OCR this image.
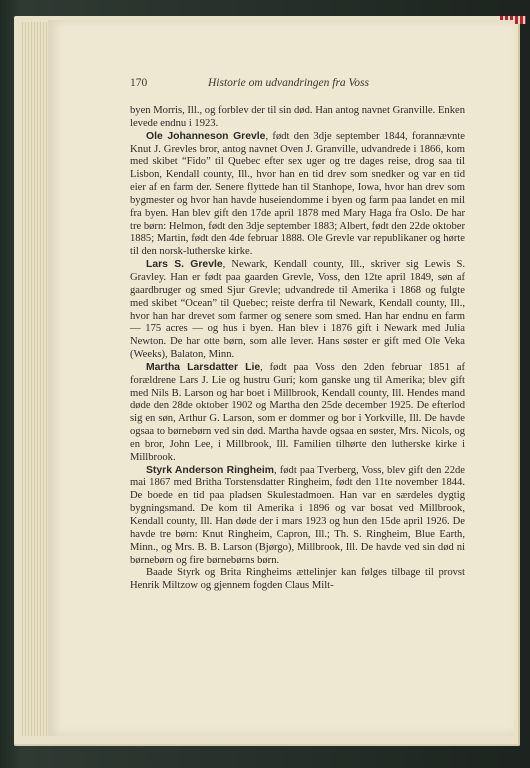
170	Historie om udvandringen fra Voss

byen Morris, Ill., og forblev der til sin død. Han antog navnet Granville. Enken levede endnu i 1923.

Ole Johanneson Grevle, født den 3dje september 1844, forannævnte Knut J. Grevles bror, antog navnet Oven J. Granville, udvandrede i 1866, kom med skibet “Fido” til Quebec efter sex uger og tre dages reise, drog saa til Lisbon, Kendall county, Ill., hvor han en tid drev som snedker og var en tid eier af en farm der. Senere flyttede han til Stanhope, Iowa, hvor han drev som bygmester og hvor han havde huseiendomme i byen og farm paa landet en mil fra byen. Han blev gift den 17de april 1878 med Mary Haga fra Oslo. De har tre børn: Helmon, født den 3dje september 1883; Albert, født den 22de oktober 1885; Martin, født den 4de februar 1888. Ole Grevle var republikaner og hørte til den norsk-lutherske kirke.

Lars S. Grevle, Newark, Kendall county, Ill., skriver sig Lewis S. Gravley. Han er født paa gaarden Grevle, Voss, den 12te april 1849, søn af gaardbruger og smed Sjur Grevle; udvandrede til Amerika i 1868 og fulgte med skibet “Ocean” til Quebec; reiste derfra til Newark, Kendall county, Ill., hvor han har drevet som farmer og senere som smed. Han har endnu en farm — 175 acres — og hus i byen. Han blev i 1876 gift i Newark med Julia Newton. De har otte børn, som alle lever. Hans søster er gift med Ole Veka (Weeks), Balaton, Minn.

Martha Larsdatter Lie, født paa Voss den 2den februar 1851 af forældrene Lars J. Lie og hustru Guri; kom ganske ung til Amerika; blev gift med Nils B. Larson og har boet i Millbrook, Kendall county, Ill. Hendes mand døde den 28de oktober 1902 og Martha den 25de december 1925. De efterlod sig en søn, Arthur G. Larson, som er dommer og bor i Yorkville, Ill. De havde ogsaa to børnebørn ved sin død. Martha havde ogsaa en søster, Mrs. Nicols, og en bror, John Lee, i Millbrook, Ill. Familien tilhørte den lutherske kirke i Millbrook.

Styrk Anderson Ringheim, født paa Tverberg, Voss, blev gift den 22de mai 1867 med Britha Torstensdatter Ringheim, født den 11te november 1844. De boede en tid paa pladsen Skulestadmoen. Han var en særdeles dygtig bygningsmand. De kom til Amerika i 1896 og var bosat ved Millbrook, Kendall county, Ill. Han døde der i mars 1923 og hun den 15de april 1926. De havde tre børn: Knut Ringheim, Capron, Ill.; Th. S. Ringheim, Blue Earth, Minn., og Mrs. B. B. Larson (Bjørgo), Millbrook, Ill. De havde ved sin død ni børnebørn og fire børnebørns børn.

Baade Styrk og Brita Ringheims ættelinjer kan følges tilbage til provst Henrik Miltzow og gjennem fogden Claus Milt-
